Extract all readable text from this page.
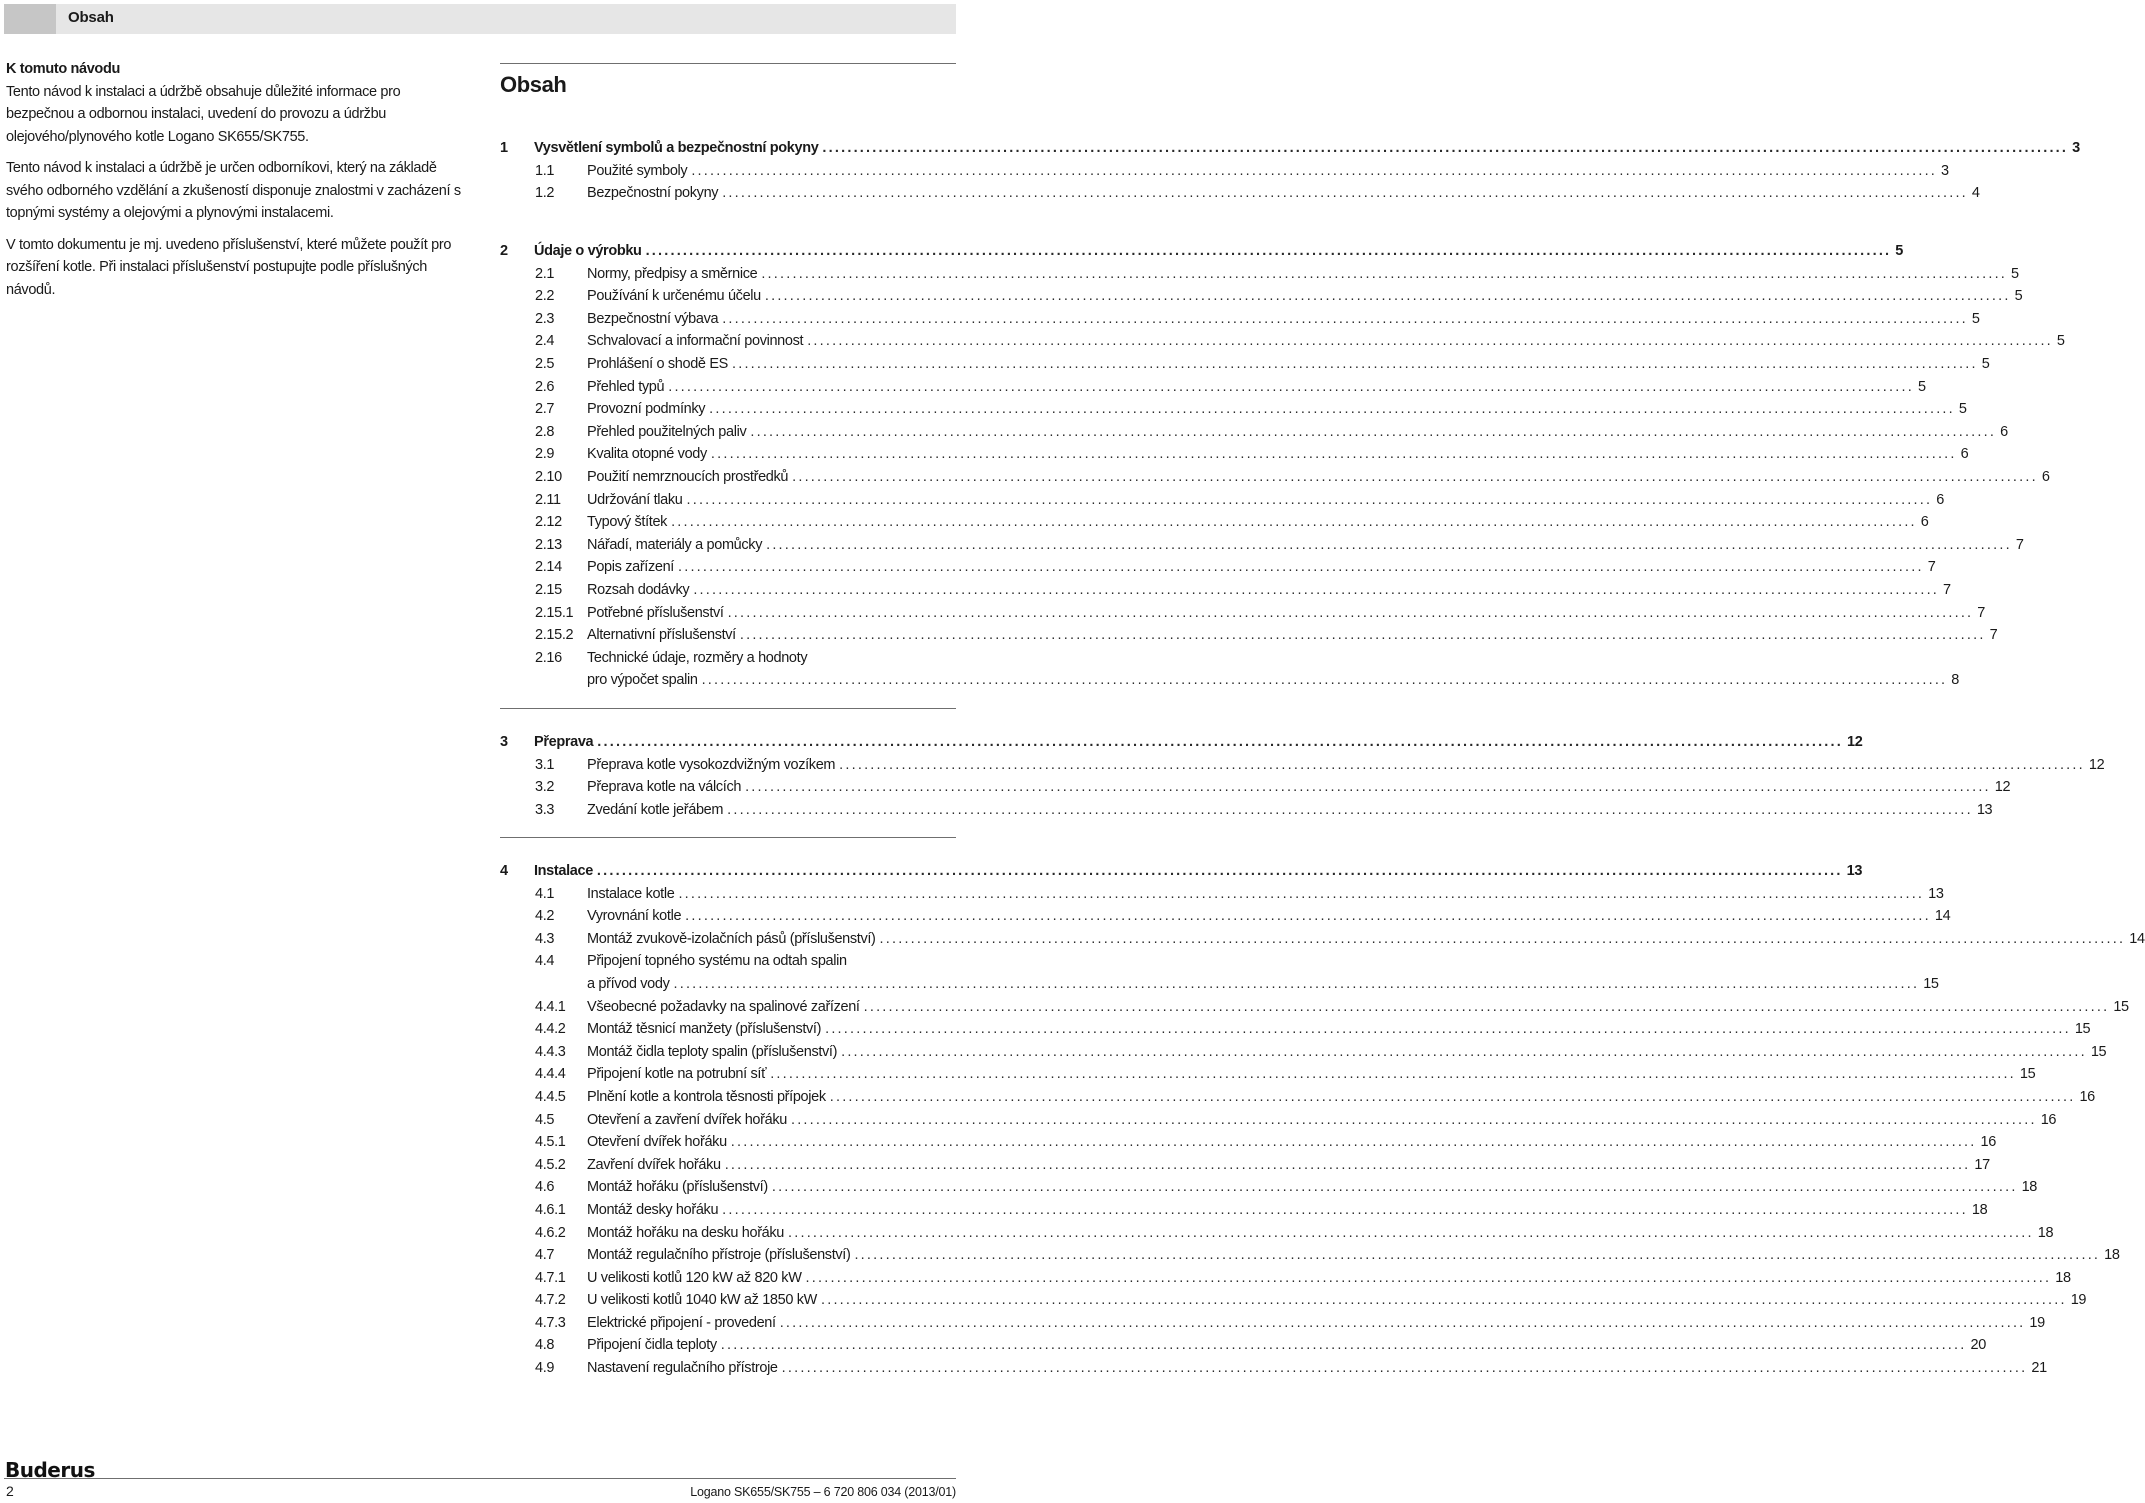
Obsah

K tomuto návodu

Tento návod k instalaci a údržbě obsahuje důležité informace pro bezpečnou a odbornou instalaci, uvedení do provozu a údržbu olejového/plynového kotle Logano SK655/SK755.

Tento návod k instalaci a údržbě je určen odborníkovi, který na základě svého odborného vzdělání a zkušeností disponuje znalostmi v zacházení s topnými systémy a olejovými a plynovými instalacemi.

V tomto dokumentu je mj. uvedeno příslušenství, které můžete použít pro rozšíření kotle. Při instalaci příslušenství postupujte podle příslušných návodů.

Obsah
1 Vysvětlení symbolů a bezpečnostní pokyny ........................................................................................................................................................................................................ 3
1.1 Použité symboly ........................................................................................................................................................................................................ 3
1.2 Bezpečnostní pokyny ........................................................................................................................................................................................................ 4
2 Údaje o výrobku ........................................................................................................................................................................................................ 5
2.1 Normy, předpisy a směrnice ........................................................................................................................................................................................................ 5
2.2 Používání k určenému účelu ........................................................................................................................................................................................................ 5
2.3 Bezpečnostní výbava ........................................................................................................................................................................................................ 5
2.4 Schvalovací a informační povinnost ........................................................................................................................................................................................................ 5
2.5 Prohlášení o shodě ES ........................................................................................................................................................................................................ 5
2.6 Přehled typů ........................................................................................................................................................................................................ 5
2.7 Provozní podmínky ........................................................................................................................................................................................................ 5
2.8 Přehled použitelných paliv ........................................................................................................................................................................................................ 6
2.9 Kvalita otopné vody ........................................................................................................................................................................................................ 6
2.10 Použití nemrznoucích prostředků ........................................................................................................................................................................................................ 6
2.11 Udržování tlaku ........................................................................................................................................................................................................ 6
2.12 Typový štítek ........................................................................................................................................................................................................ 6
2.13 Nářadí, materiály a pomůcky ........................................................................................................................................................................................................ 7
2.14 Popis zařízení ........................................................................................................................................................................................................ 7
2.15 Rozsah dodávky ........................................................................................................................................................................................................ 7
2.15.1 Potřebné příslušenství ........................................................................................................................................................................................................ 7
2.15.2 Alternativní příslušenství ........................................................................................................................................................................................................ 7
2.16 Technické údaje, rozměry a hodnoty
pro výpočet spalin ........................................................................................................................................................................................................ 8
3 Přeprava ........................................................................................................................................................................................................ 12
3.1 Přeprava kotle vysokozdvižným vozíkem ........................................................................................................................................................................................................ 12
3.2 Přeprava kotle na válcích ........................................................................................................................................................................................................ 12
3.3 Zvedání kotle jeřábem ........................................................................................................................................................................................................ 13
4 Instalace ........................................................................................................................................................................................................ 13
4.1 Instalace kotle ........................................................................................................................................................................................................ 13
4.2 Vyrovnání kotle ........................................................................................................................................................................................................ 14
4.3 Montáž zvukově-izolačních pásů (příslušenství) ........................................................................................................................................................................................................ 14
4.4 Připojení topného systému na odtah spalin
a přívod vody ........................................................................................................................................................................................................ 15
4.4.1 Všeobecné požadavky na spalinové zařízení ........................................................................................................................................................................................................ 15
4.4.2 Montáž těsnicí manžety (příslušenství) ........................................................................................................................................................................................................ 15
4.4.3 Montáž čidla teploty spalin (příslušenství) ........................................................................................................................................................................................................ 15
4.4.4 Připojení kotle na potrubní síť ........................................................................................................................................................................................................ 15
4.4.5 Plnění kotle a kontrola těsnosti přípojek ........................................................................................................................................................................................................ 16
4.5 Otevření a zavření dvířek hořáku ........................................................................................................................................................................................................ 16
4.5.1 Otevření dvířek hořáku ........................................................................................................................................................................................................ 16
4.5.2 Zavření dvířek hořáku ........................................................................................................................................................................................................ 17
4.6 Montáž hořáku (příslušenství) ........................................................................................................................................................................................................ 18
4.6.1 Montáž desky hořáku ........................................................................................................................................................................................................ 18
4.6.2 Montáž hořáku na desku hořáku ........................................................................................................................................................................................................ 18
4.7 Montáž regulačního přístroje (příslušenství) ........................................................................................................................................................................................................ 18
4.7.1 U velikosti kotlů 120 kW až 820 kW ........................................................................................................................................................................................................ 18
4.7.2 U velikosti kotlů 1040 kW až 1850 kW ........................................................................................................................................................................................................ 19
4.7.3 Elektrické připojení - provedení ........................................................................................................................................................................................................ 19
4.8 Připojení čidla teploty ........................................................................................................................................................................................................ 20
4.9 Nastavení regulačního přístroje ........................................................................................................................................................................................................ 21
Buderus
2	Logano SK655/SK755 – 6 720 806 034 (2013/01)
